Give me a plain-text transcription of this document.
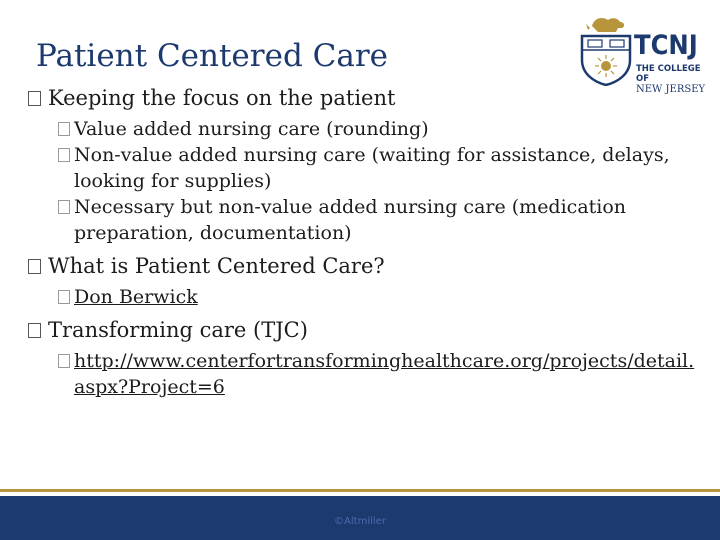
Patient Centered Care	TCNJ
THE COLLEGE OF
NEW JERSEY
Keeping the focus on the patient
Value added nursing care (rounding)
Non-value added nursing care (waiting for assistance, delays, looking for supplies)
Necessary but non-value added nursing care (medication preparation, documentation)
What is Patient Centered Care?
Don Berwick
Transforming care (TJC)
http://www.centerfortransforminghealthcare.org/projects/detail.aspx?Project=6
©Altmiller
